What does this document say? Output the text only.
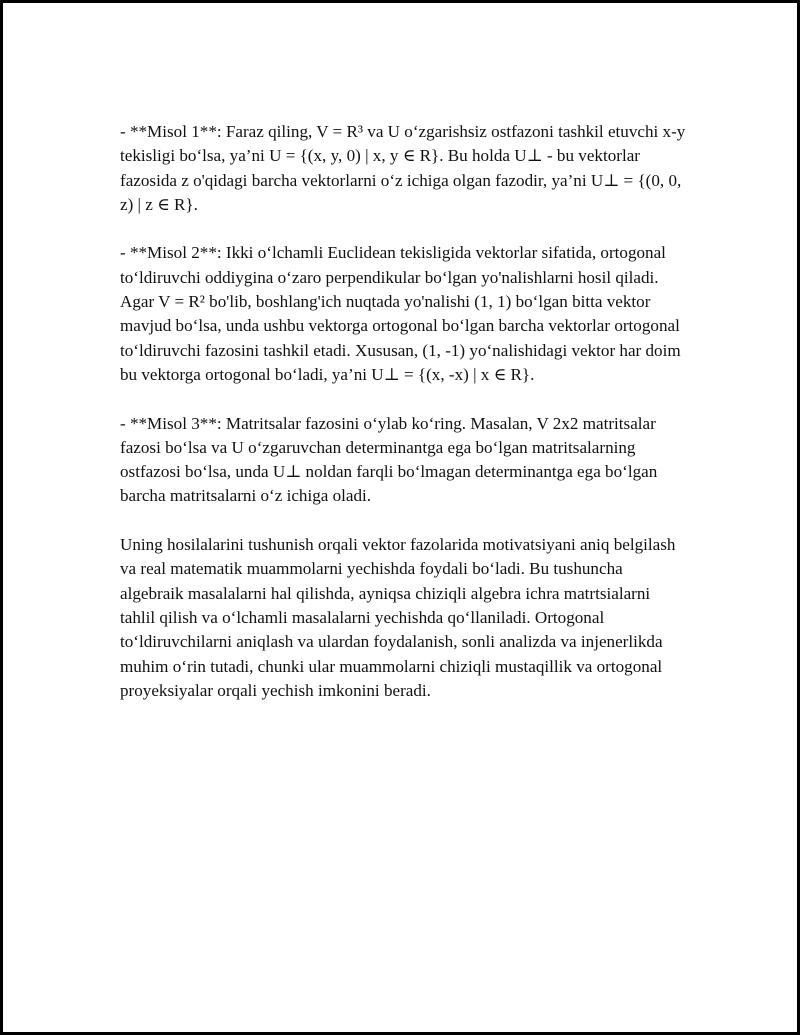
- **Misol 1**: Faraz qiling, V = R³ va U o‘zgarishsiz ostfazoni tashkil etuvchi x-y tekisligi bo‘lsa, ya’ni U = {(x, y, 0) | x, y ∈ R}. Bu holda U⊥ - bu vektorlar fazosida z o'qidagi barcha vektorlarni o‘z ichiga olgan fazodir, ya’ni U⊥ = {(0, 0, z) | z ∈ R}.

- **Misol 2**: Ikki o‘lchamli Euclidean tekisligida vektorlar sifatida, ortogonal to‘ldiruvchi oddiygina o‘zaro perpendikular bo‘lgan yo'nalishlarni hosil qiladi. Agar V = R² bo'lib, boshlang'ich nuqtada yo'nalishi (1, 1) bo‘lgan bitta vektor mavjud bo‘lsa, unda ushbu vektorga ortogonal bo‘lgan barcha vektorlar ortogonal to‘ldiruvchi fazosini tashkil etadi. Xususan, (1, -1) yo‘nalishidagi vektor har doim bu vektorga ortogonal bo‘ladi, ya’ni U⊥ = {(x, -x) | x ∈ R}.

- **Misol 3**: Matritsalar fazosini o‘ylab ko‘ring. Masalan, V 2x2 matritsalar fazosi bo‘lsa va U o‘zgaruvchan determinantga ega bo‘lgan matritsalarning ostfazosi bo‘lsa, unda U⊥ noldan farqli bo‘lmagan determinantga ega bo‘lgan barcha matritsalarni o‘z ichiga oladi.

Uning hosilalarini tushunish orqali vektor fazolarida motivatsiyani aniq belgilash va real matematik muammolarni yechishda foydali bo‘ladi. Bu tushuncha algebraik masalalarni hal qilishda, ayniqsa chiziqli algebra ichra matrtsialarni tahlil qilish va o‘lchamli masalalarni yechishda qo‘llaniladi. Ortogonal to‘ldiruvchilarni aniqlash va ulardan foydalanish, sonli analizda va injenerlikda muhim o‘rin tutadi, chunki ular muammolarni chiziqli mustaqillik va ortogonal proyeksiyalar orqali yechish imkonini beradi.
